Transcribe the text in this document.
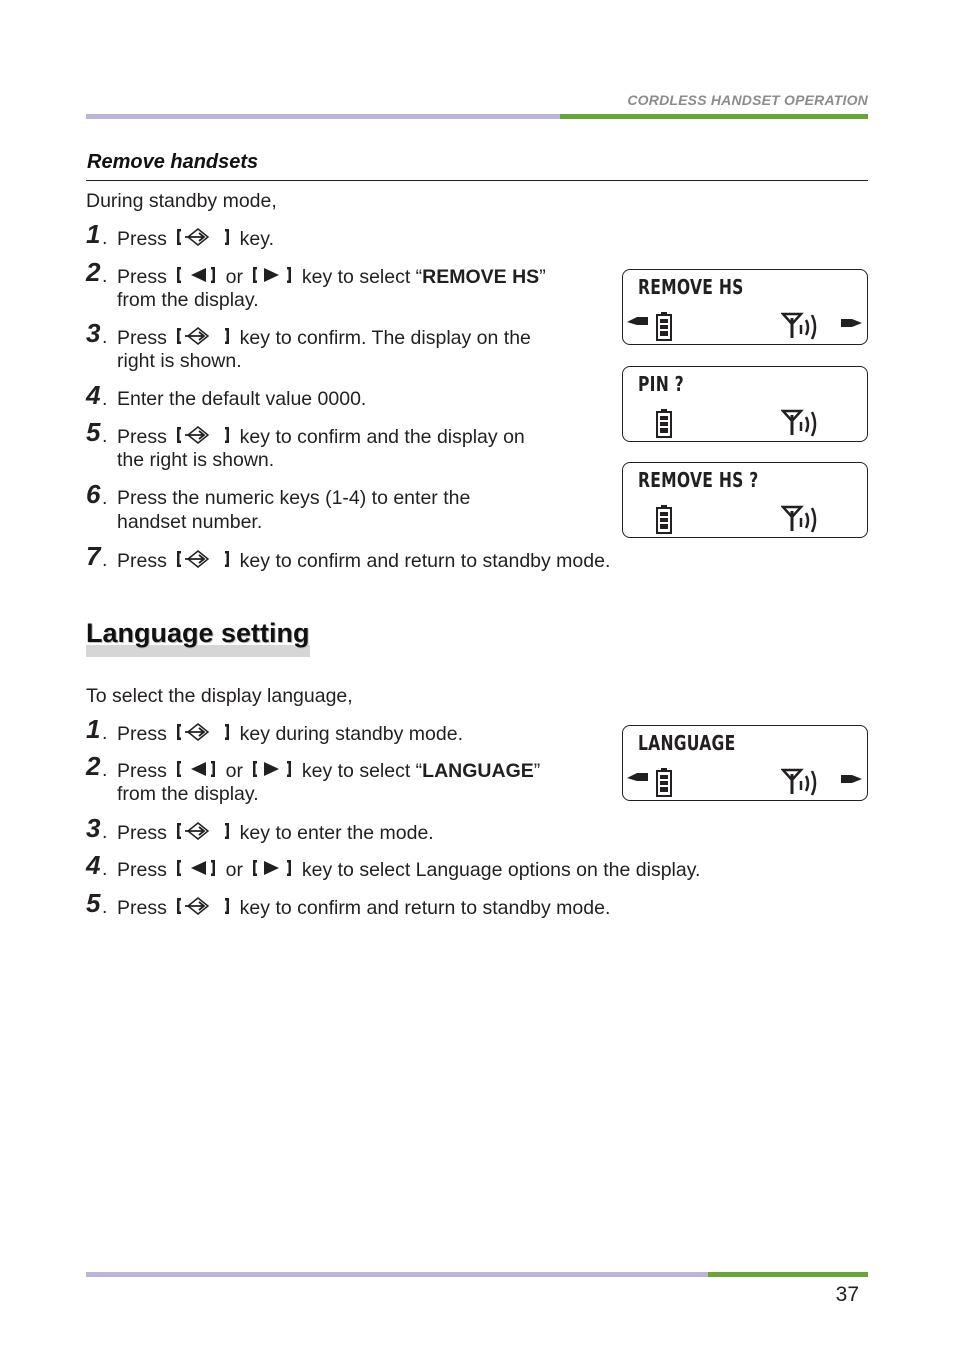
CORDLESS HANDSET OPERATION
Remove handsets
During standby mode,
1 . Press	key.
2 . Press
or
key to select “REMOVE HS”
from the display.
3 . Press	key to confirm. The display on the
right is shown.
4 . Enter the default value 0000.
5 . Press	key to confirm and the display on
the right is shown.
6 . Press the numeric keys (1-4) to enter the
handset number.
7 . Press	key to confirm and return to standby mode.
REMOVE HS
PIN ?
REMOVE HS ?
Language setting
To select the display language,
1 . Press	key during standby mode.
2 . Press
or
key to select “LANGUAGE”
from the display.
3 . Press	key to enter the mode.
4 . Press
or
key to select Language options on the display.
5 . Press	key to confirm and return to standby mode.
LANGUAGE
37
